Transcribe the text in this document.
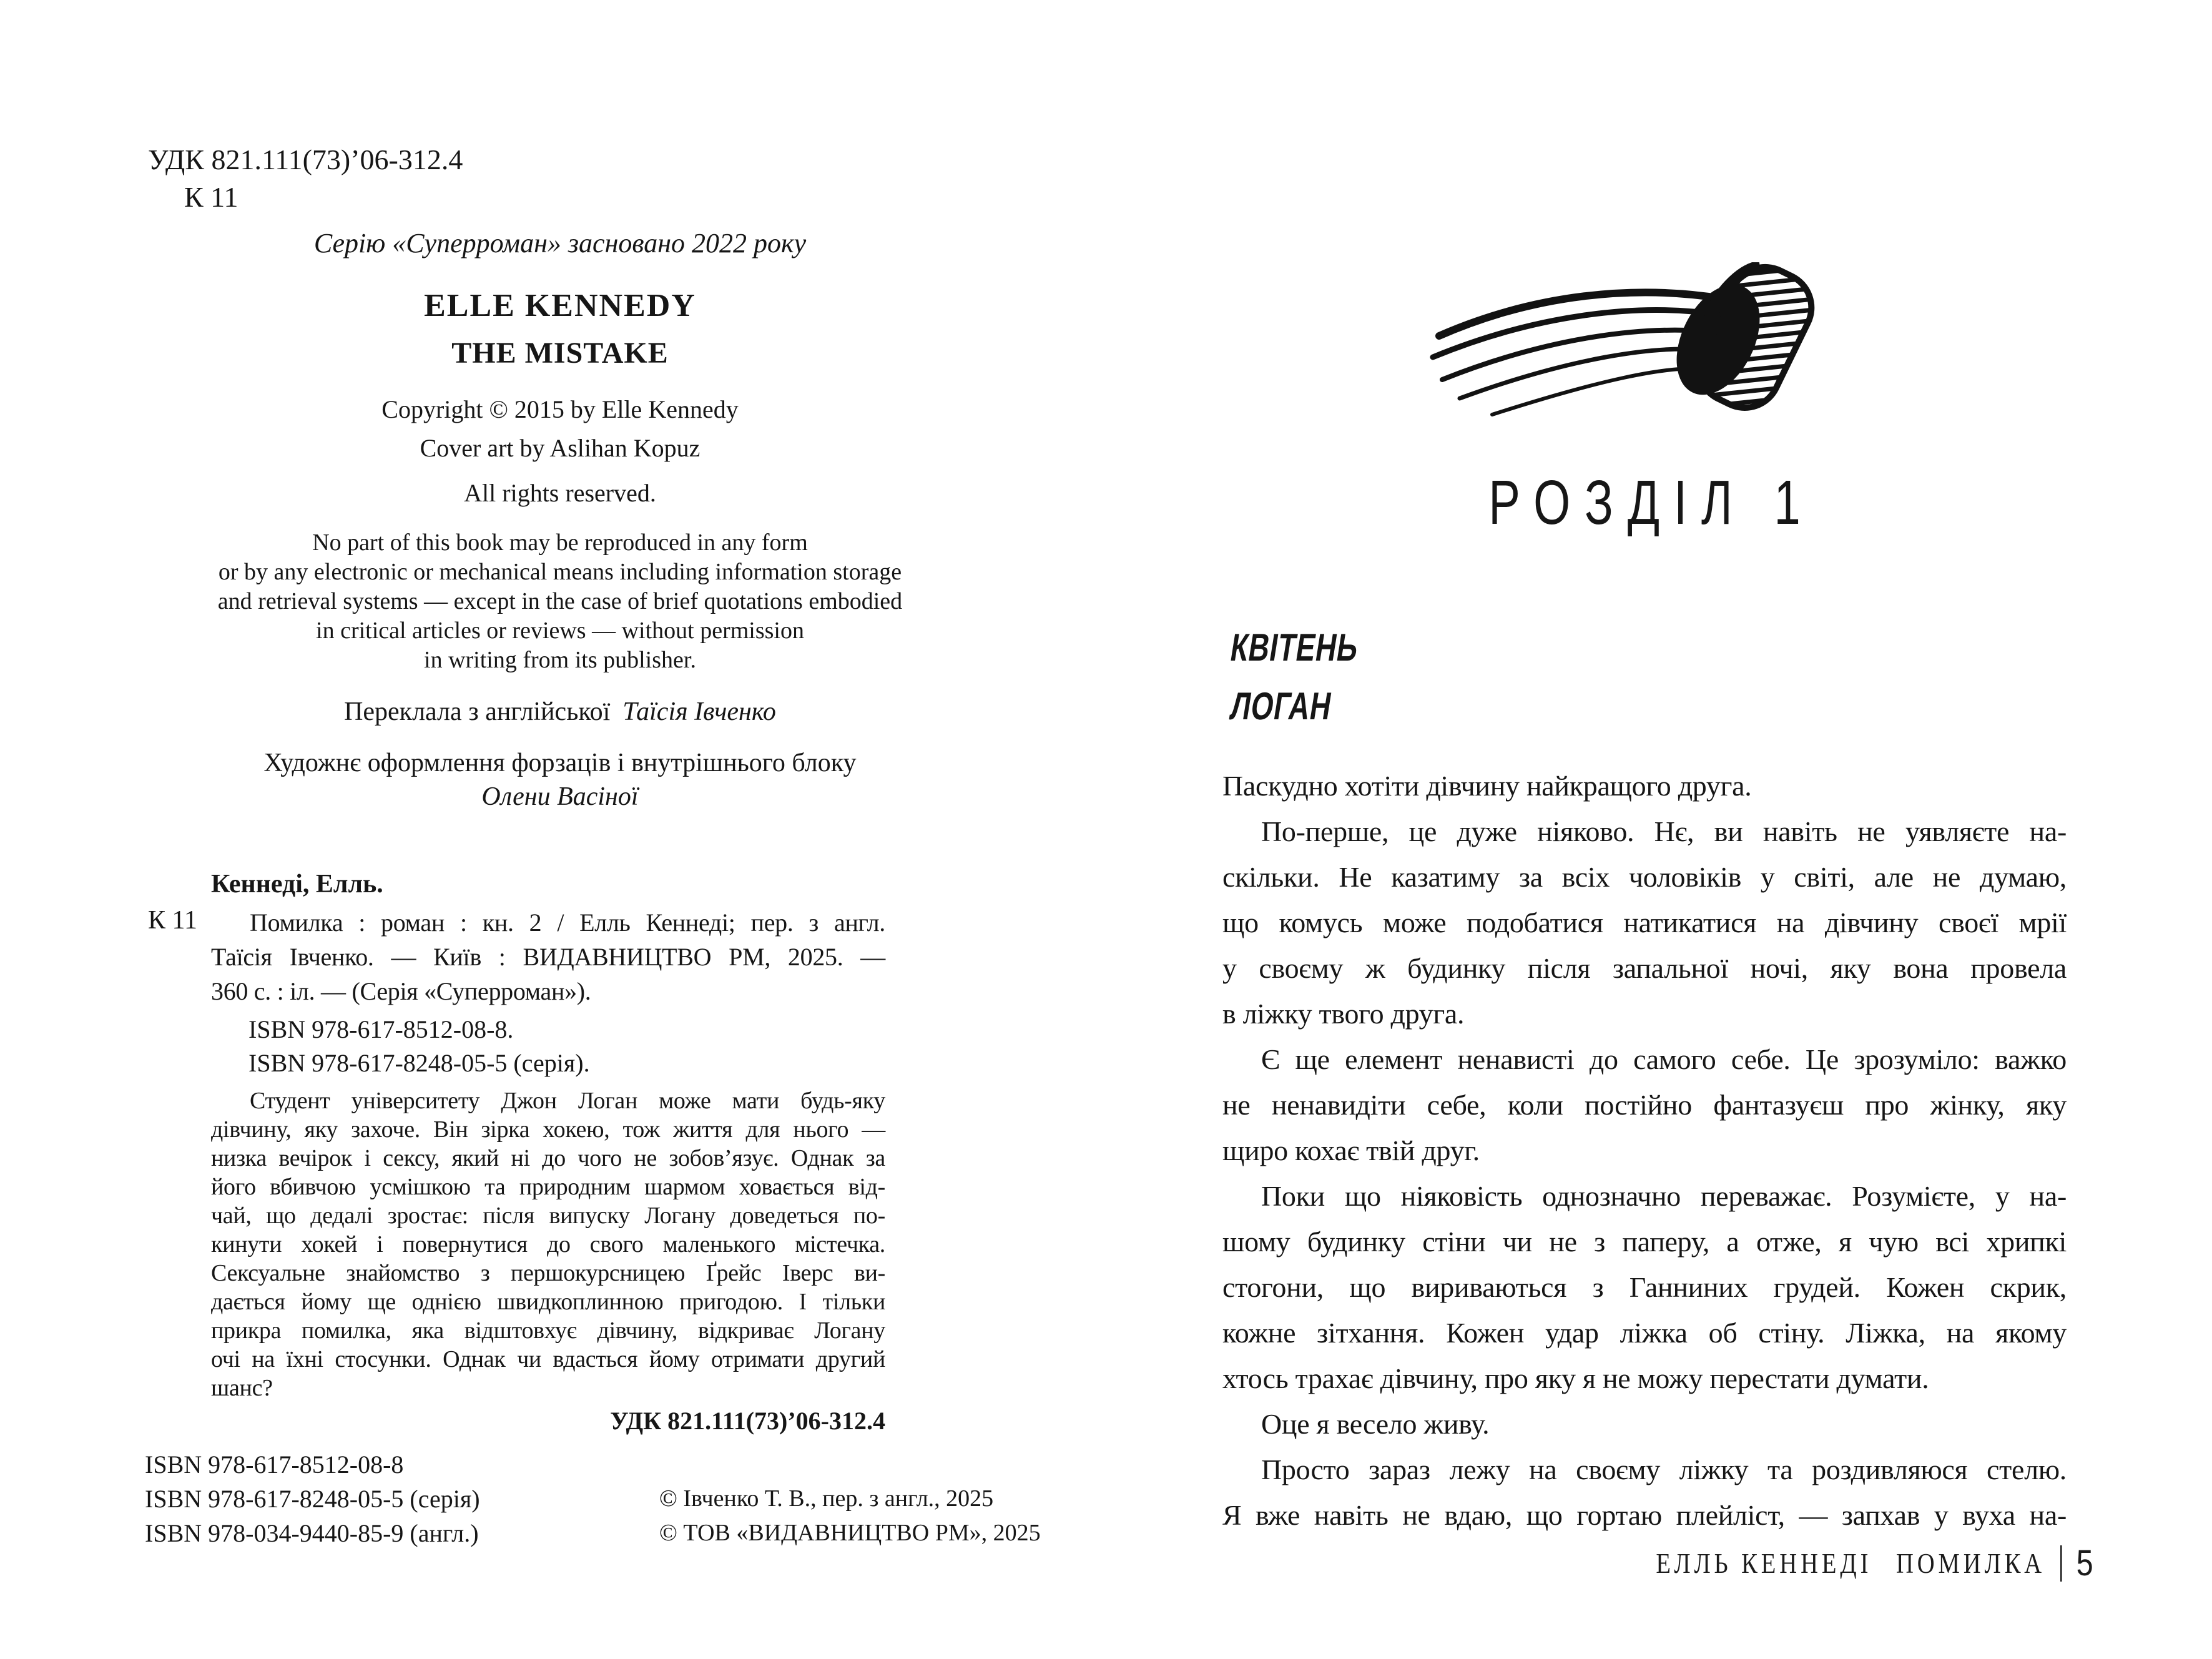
УДК 821.111(73)’06-312.4
К 11
Серію «Суперроман» засновано 2022 року
ELLE KENNEDY
THE MISTAKE
Copyright © 2015 by Elle Kennedy
Cover art by Aslihan Kopuz
All rights reserved.
No part of this book may be reproduced in any form
or by any electronic or mechanical means including information storage
and retrieval systems — except in the case of brief quotations embodied
in critical articles or reviews — without permission
in writing from its publisher.
Переклала з англійської Таїсія Івченко
Художнє оформлення форзаців і внутрішнього блоку
Олени Васіної
Кеннеді, Елль.
К 11	Помилка : роман : кн. 2 / Елль Кеннеді; пер. з англ.
Таїсія Івченко. — Київ : ВИДАВНИЦТВО РМ, 2025. —
360 с. : іл. — (Серія «Суперроман»).
ISBN 978-617-8512-08-8.
ISBN 978-617-8248-05-5 (серія).
Студент університету Джон Логан може мати будь-яку
дівчину, яку захоче. Він зірка хокею, тож життя для нього —
низка вечірок і сексу, який ні до чого не зобов’язує. Однак за
його вбивчою усмішкою та природним шармом ховається від-
чай, що дедалі зростає: після випуску Логану доведеться по-
кинути хокей і повернутися до свого маленького містечка.
Сексуальне знайомство з першокурсницею Ґрейс Іверс ви-
дається йому ще однією швидкоплинною пригодою. І тільки
прикра помилка, яка відштовхує дівчину, відкриває Логану
очі на їхні стосунки. Однак чи вдасться йому отримати другий
шанс?
УДК 821.111(73)’06-312.4
ISBN 978-617-8512-08-8
ISBN 978-617-8248-05-5 (серія)
ISBN 978-034-9440-85-9 (англ.)
© Івченко Т. В., пер. з англ., 2025
© ТОВ «ВИДАВНИЦТВО РМ», 2025
РОЗДІЛ 1
КВІТЕНЬ
ЛОГАН
Паскудно хотіти дівчину найкращого друга.
По-перше, це дуже ніяково. Нє, ви навіть не уявляєте на-
скільки. Не казатиму за всіх чоловіків у світі, але не думаю,
що комусь може подобатися натикатися на дівчину своєї мрії
у своєму ж будинку після запальної ночі, яку вона провела
в ліжку твого друга.
Є ще елемент ненависті до самого себе. Це зрозуміло: важко
не ненавидіти себе, коли постійно фантазуєш про жінку, яку
щиро кохає твій друг.
Поки що ніяковість однозначно переважає. Розумієте, у на-
шому будинку стіни чи не з паперу, а отже, я чую всі хрипкі
стогони, що вириваються з Ганниних грудей. Кожен скрик,
кожне зітхання. Кожен удар ліжка об стіну. Ліжка, на якому
хтось трахає дівчину, про яку я не можу перестати думати.
Оце я весело живу.
Просто зараз лежу на своєму ліжку та роздивляюся стелю.
Я вже навіть не вдаю, що гортаю плейліст, — запхав у вуха на-
ЕЛЛЬ КЕННЕДІ ПОМИЛКА 5
